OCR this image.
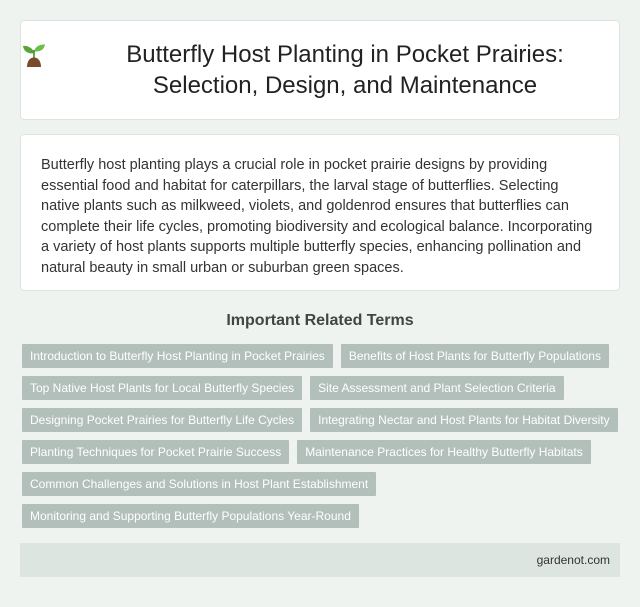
Butterfly Host Planting in Pocket Prairies: Selection, Design, and Maintenance

Butterfly host planting plays a crucial role in pocket prairie designs by providing essential food and habitat for caterpillars, the larval stage of butterflies. Selecting native plants such as milkweed, violets, and goldenrod ensures that butterflies can complete their life cycles, promoting biodiversity and ecological balance. Incorporating a variety of host plants supports multiple butterfly species, enhancing pollination and natural beauty in small urban or suburban green spaces.

Important Related Terms
Introduction to Butterfly Host Planting in Pocket Prairies	Benefits of Host Plants for Butterfly Populations
Top Native Host Plants for Local Butterfly Species	Site Assessment and Plant Selection Criteria
Designing Pocket Prairies for Butterfly Life Cycles	Integrating Nectar and Host Plants for Habitat Diversity
Planting Techniques for Pocket Prairie Success	Maintenance Practices for Healthy Butterfly Habitats
Common Challenges and Solutions in Host Plant Establishment
Monitoring and Supporting Butterfly Populations Year-Round
gardenot.com
